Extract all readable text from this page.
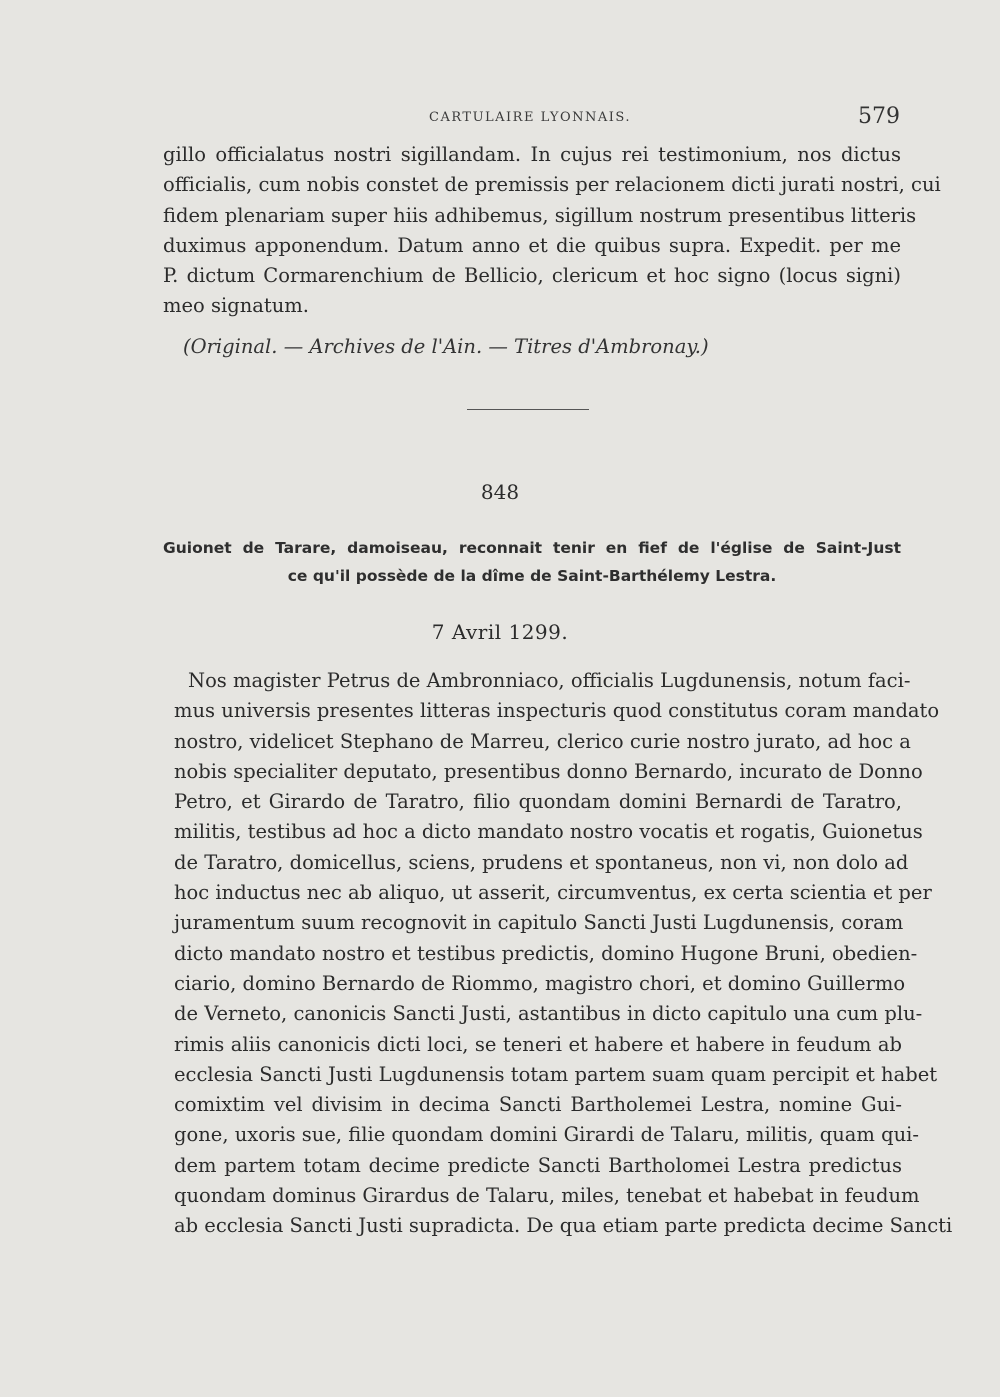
CARTULAIRE LYONNAIS.	579
gillo officialatus nostri sigillandam. In cujus rei testimonium, nos dictus
officialis, cum nobis constet de premissis per relacionem dicti jurati nostri, cui
fidem plenariam super hiis adhibemus, sigillum nostrum presentibus litteris
duximus apponendum. Datum anno et die quibus supra. Expedit. per me
P. dictum Cormarenchium de Bellicio, clericum et hoc signo (locus signi)
meo signatum.
(Original. — Archives de l'Ain. — Titres d'Ambronay.)
848
Guionet de Tarare, damoiseau, reconnait tenir en fief de l'église de Saint-Just
ce qu'il possède de la dîme de Saint-Barthélemy Lestra.
7 Avril 1299.
Nos magister Petrus de Ambronniaco, officialis Lugdunensis, notum faci-
mus universis presentes litteras inspecturis quod constitutus coram mandato
nostro, videlicet Stephano de Marreu, clerico curie nostro jurato, ad hoc a
nobis specialiter deputato, presentibus donno Bernardo, incurato de Donno
Petro, et Girardo de Taratro, filio quondam domini Bernardi de Taratro,
militis, testibus ad hoc a dicto mandato nostro vocatis et rogatis, Guionetus
de Taratro, domicellus, sciens, prudens et spontaneus, non vi, non dolo ad
hoc inductus nec ab aliquo, ut asserit, circumventus, ex certa scientia et per
juramentum suum recognovit in capitulo Sancti Justi Lugdunensis, coram
dicto mandato nostro et testibus predictis, domino Hugone Bruni, obedien-
ciario, domino Bernardo de Riommo, magistro chori, et domino Guillermo
de Verneto, canonicis Sancti Justi, astantibus in dicto capitulo una cum plu-
rimis aliis canonicis dicti loci, se teneri et habere et habere in feudum ab
ecclesia Sancti Justi Lugdunensis totam partem suam quam percipit et habet
comixtim vel divisim in decima Sancti Bartholemei Lestra, nomine Gui-
gone, uxoris sue, filie quondam domini Girardi de Talaru, militis, quam qui-
dem partem totam decime predicte Sancti Bartholomei Lestra predictus
quondam dominus Girardus de Talaru, miles, tenebat et habebat in feudum
ab ecclesia Sancti Justi supradicta. De qua etiam parte predicta decime Sancti
